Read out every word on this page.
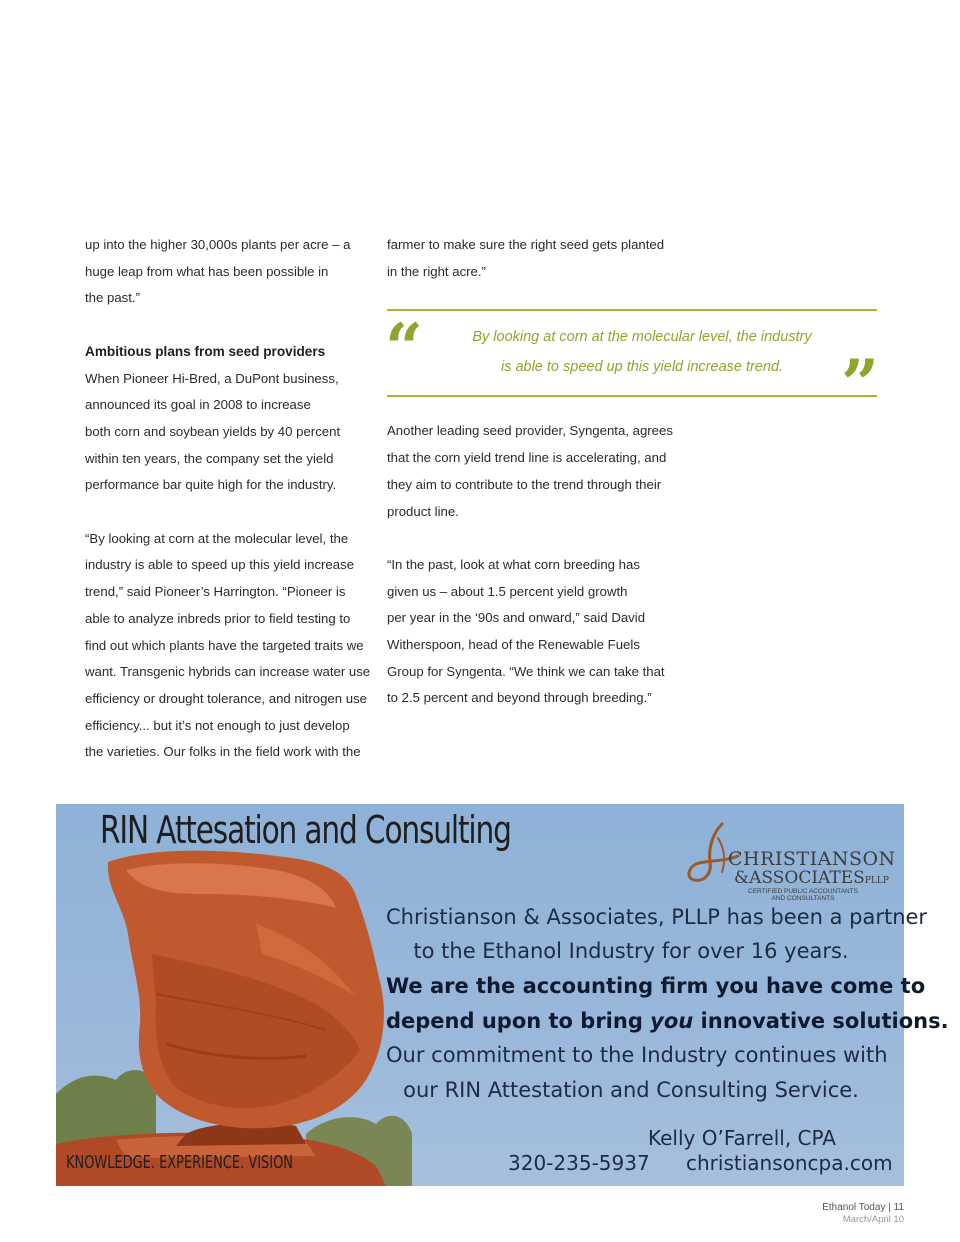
up into the higher 30,000s plants per acre – a

huge leap from what has been possible in

the past.”

Ambitious plans from seed providers

When Pioneer Hi-Bred, a DuPont business,

announced its goal in 2008 to increase

both corn and soybean yields by 40 percent

within ten years, the company set the yield

performance bar quite high for the industry.

“By looking at corn at the molecular level, the

industry is able to speed up this yield increase

trend,” said Pioneer’s Harrington. “Pioneer is

able to analyze inbreds prior to field testing to

find out which plants have the targeted traits we

want. Transgenic hybrids can increase water use

efficiency or drought tolerance, and nitrogen use

efficiency... but it’s not enough to just develop

the varieties. Our folks in the field work with the

farmer to make sure the right seed gets planted

in the right acre.”

Another leading seed provider, Syngenta, agrees

that the corn yield trend line is accelerating, and

they aim to contribute to the trend through their

product line.

“In the past, look at what corn breeding has

given us – about 1.5 percent yield growth

per year in the ‘90s and onward,” said David

Witherspoon, head of the Renewable Fuels

Group for Syngenta. “We think we can take that

to 2.5 percent and beyond through breeding.”

“	By looking at corn at the molecular level, the industry
is able to speed up this yield increase trend. ”
RIN Attesation and Consulting
CHRISTIANSON
&ASSOCIATESPLLP
CERTIFIED PUBLIC ACCOUNTANTS
AND CONSULTANTS
Christianson & Associates, PLLP has been a partner
to the Ethanol Industry for over 16 years.
We are the accounting firm you have come to
depend upon to bring you innovative solutions.
Our commitment to the Industry continues with
our RIN Attestation and Consulting Service.
Kelly O’Farrell, CPA
320-235-5937 christiansoncpa.com
KNOWLEDGE. EXPERIENCE. VISION
Ethanol Today | 11
March/April 10
